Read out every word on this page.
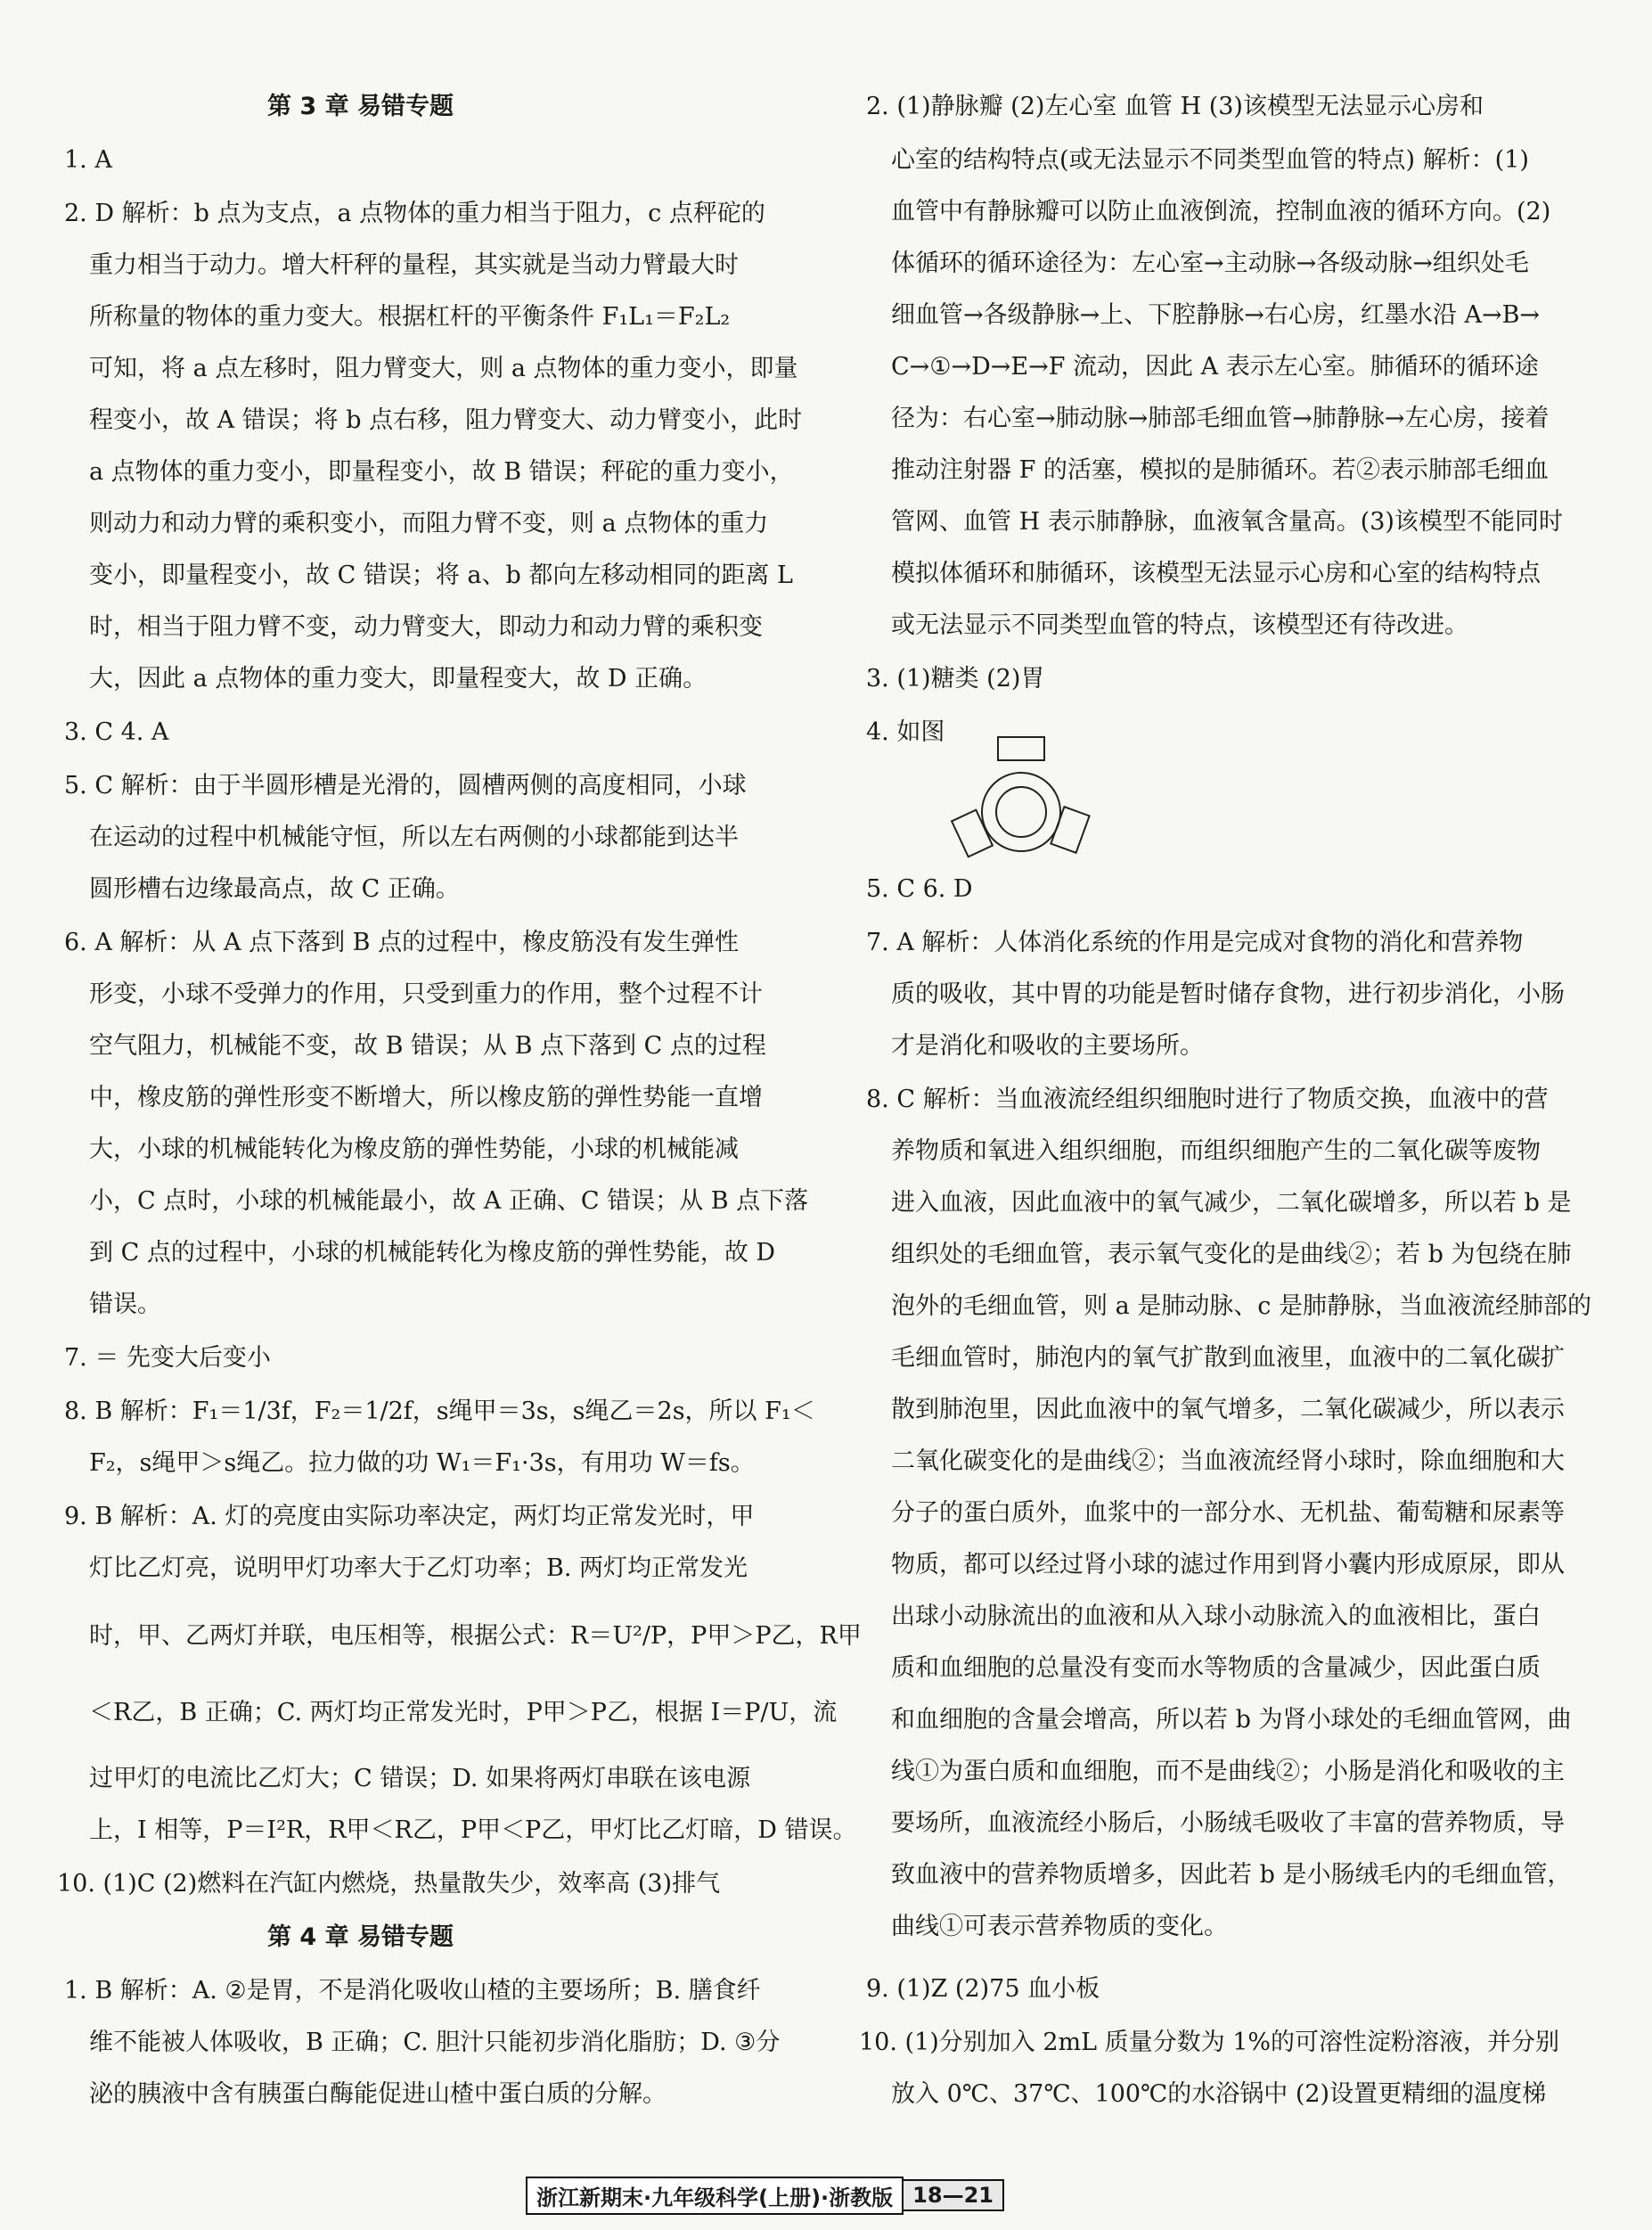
第 3 章 易错专题
1. A
2. D 解析：b 点为支点，a 点物体的重力相当于阻力，c 点秤砣的
重力相当于动力。增大杆秤的量程，其实就是当动力臂最大时
所称量的物体的重力变大。根据杠杆的平衡条件 F₁L₁＝F₂L₂
可知，将 a 点左移时，阻力臂变大，则 a 点物体的重力变小，即量
程变小，故 A 错误；将 b 点右移，阻力臂变大、动力臂变小，此时
a 点物体的重力变小，即量程变小，故 B 错误；秤砣的重力变小，
则动力和动力臂的乘积变小，而阻力臂不变，则 a 点物体的重力
变小，即量程变小，故 C 错误；将 a、b 都向左移动相同的距离 L
时，相当于阻力臂不变，动力臂变大，即动力和动力臂的乘积变
大，因此 a 点物体的重力变大，即量程变大，故 D 正确。
3. C 4. A
5. C 解析：由于半圆形槽是光滑的，圆槽两侧的高度相同，小球
在运动的过程中机械能守恒，所以左右两侧的小球都能到达半
圆形槽右边缘最高点，故 C 正确。
6. A 解析：从 A 点下落到 B 点的过程中，橡皮筋没有发生弹性
形变，小球不受弹力的作用，只受到重力的作用，整个过程不计
空气阻力，机械能不变，故 B 错误；从 B 点下落到 C 点的过程
中，橡皮筋的弹性形变不断增大，所以橡皮筋的弹性势能一直增
大，小球的机械能转化为橡皮筋的弹性势能，小球的机械能减
小，C 点时，小球的机械能最小，故 A 正确、C 错误；从 B 点下落
到 C 点的过程中，小球的机械能转化为橡皮筋的弹性势能，故 D
错误。
7. ＝ 先变大后变小
8. B 解析：F₁＝1/3f，F₂＝1/2f，s绳甲＝3s，s绳乙＝2s，所以 F₁＜
F₂，s绳甲＞s绳乙。拉力做的功 W₁＝F₁·3s，有用功 W＝fs。
9. B 解析：A. 灯的亮度由实际功率决定，两灯均正常发光时，甲
灯比乙灯亮，说明甲灯功率大于乙灯功率；B. 两灯均正常发光
时，甲、乙两灯并联，电压相等，根据公式：R＝U²/P，P甲＞P乙，R甲
＜R乙，B 正确；C. 两灯均正常发光时，P甲＞P乙，根据 I＝P/U，流
过甲灯的电流比乙灯大；C 错误；D. 如果将两灯串联在该电源
上，I 相等，P＝I²R，R甲＜R乙，P甲＜P乙，甲灯比乙灯暗，D 错误。
10. (1)C (2)燃料在汽缸内燃烧，热量散失少，效率高 (3)排气
第 4 章 易错专题
1. B 解析：A. ②是胃，不是消化吸收山楂的主要场所；B. 膳食纤
维不能被人体吸收，B 正确；C. 胆汁只能初步消化脂肪；D. ③分
泌的胰液中含有胰蛋白酶能促进山楂中蛋白质的分解。
2. (1)静脉瓣 (2)左心室 血管 H (3)该模型无法显示心房和
心室的结构特点(或无法显示不同类型血管的特点) 解析：(1)
血管中有静脉瓣可以防止血液倒流，控制血液的循环方向。(2)
体循环的循环途径为：左心室→主动脉→各级动脉→组织处毛
细血管→各级静脉→上、下腔静脉→右心房，红墨水沿 A→B→
C→①→D→E→F 流动，因此 A 表示左心室。肺循环的循环途
径为：右心室→肺动脉→肺部毛细血管→肺静脉→左心房，接着
推动注射器 F 的活塞，模拟的是肺循环。若②表示肺部毛细血
管网、血管 H 表示肺静脉，血液氧含量高。(3)该模型不能同时
模拟体循环和肺循环，该模型无法显示心房和心室的结构特点
或无法显示不同类型血管的特点，该模型还有待改进。
3. (1)糖类 (2)胃
4. 如图
5. C 6. D
7. A 解析：人体消化系统的作用是完成对食物的消化和营养物
质的吸收，其中胃的功能是暂时储存食物，进行初步消化，小肠
才是消化和吸收的主要场所。
8. C 解析：当血液流经组织细胞时进行了物质交换，血液中的营
养物质和氧进入组织细胞，而组织细胞产生的二氧化碳等废物
进入血液，因此血液中的氧气减少，二氧化碳增多，所以若 b 是
组织处的毛细血管，表示氧气变化的是曲线②；若 b 为包绕在肺
泡外的毛细血管，则 a 是肺动脉、c 是肺静脉，当血液流经肺部的
毛细血管时，肺泡内的氧气扩散到血液里，血液中的二氧化碳扩
散到肺泡里，因此血液中的氧气增多，二氧化碳减少，所以表示
二氧化碳变化的是曲线②；当血液流经肾小球时，除血细胞和大
分子的蛋白质外，血浆中的一部分水、无机盐、葡萄糖和尿素等
物质，都可以经过肾小球的滤过作用到肾小囊内形成原尿，即从
出球小动脉流出的血液和从入球小动脉流入的血液相比，蛋白
质和血细胞的总量没有变而水等物质的含量减少，因此蛋白质
和血细胞的含量会增高，所以若 b 为肾小球处的毛细血管网，曲
线①为蛋白质和血细胞，而不是曲线②；小肠是消化和吸收的主
要场所，血液流经小肠后，小肠绒毛吸收了丰富的营养物质，导
致血液中的营养物质增多，因此若 b 是小肠绒毛内的毛细血管，
曲线①可表示营养物质的变化。
9. (1)Z (2)75 血小板
10. (1)分别加入 2mL 质量分数为 1%的可溶性淀粉溶液，并分别
放入 0℃、37℃、100℃的水浴锅中 (2)设置更精细的温度梯
浙江新期末·九年级科学(上册)·浙教版 18—21
